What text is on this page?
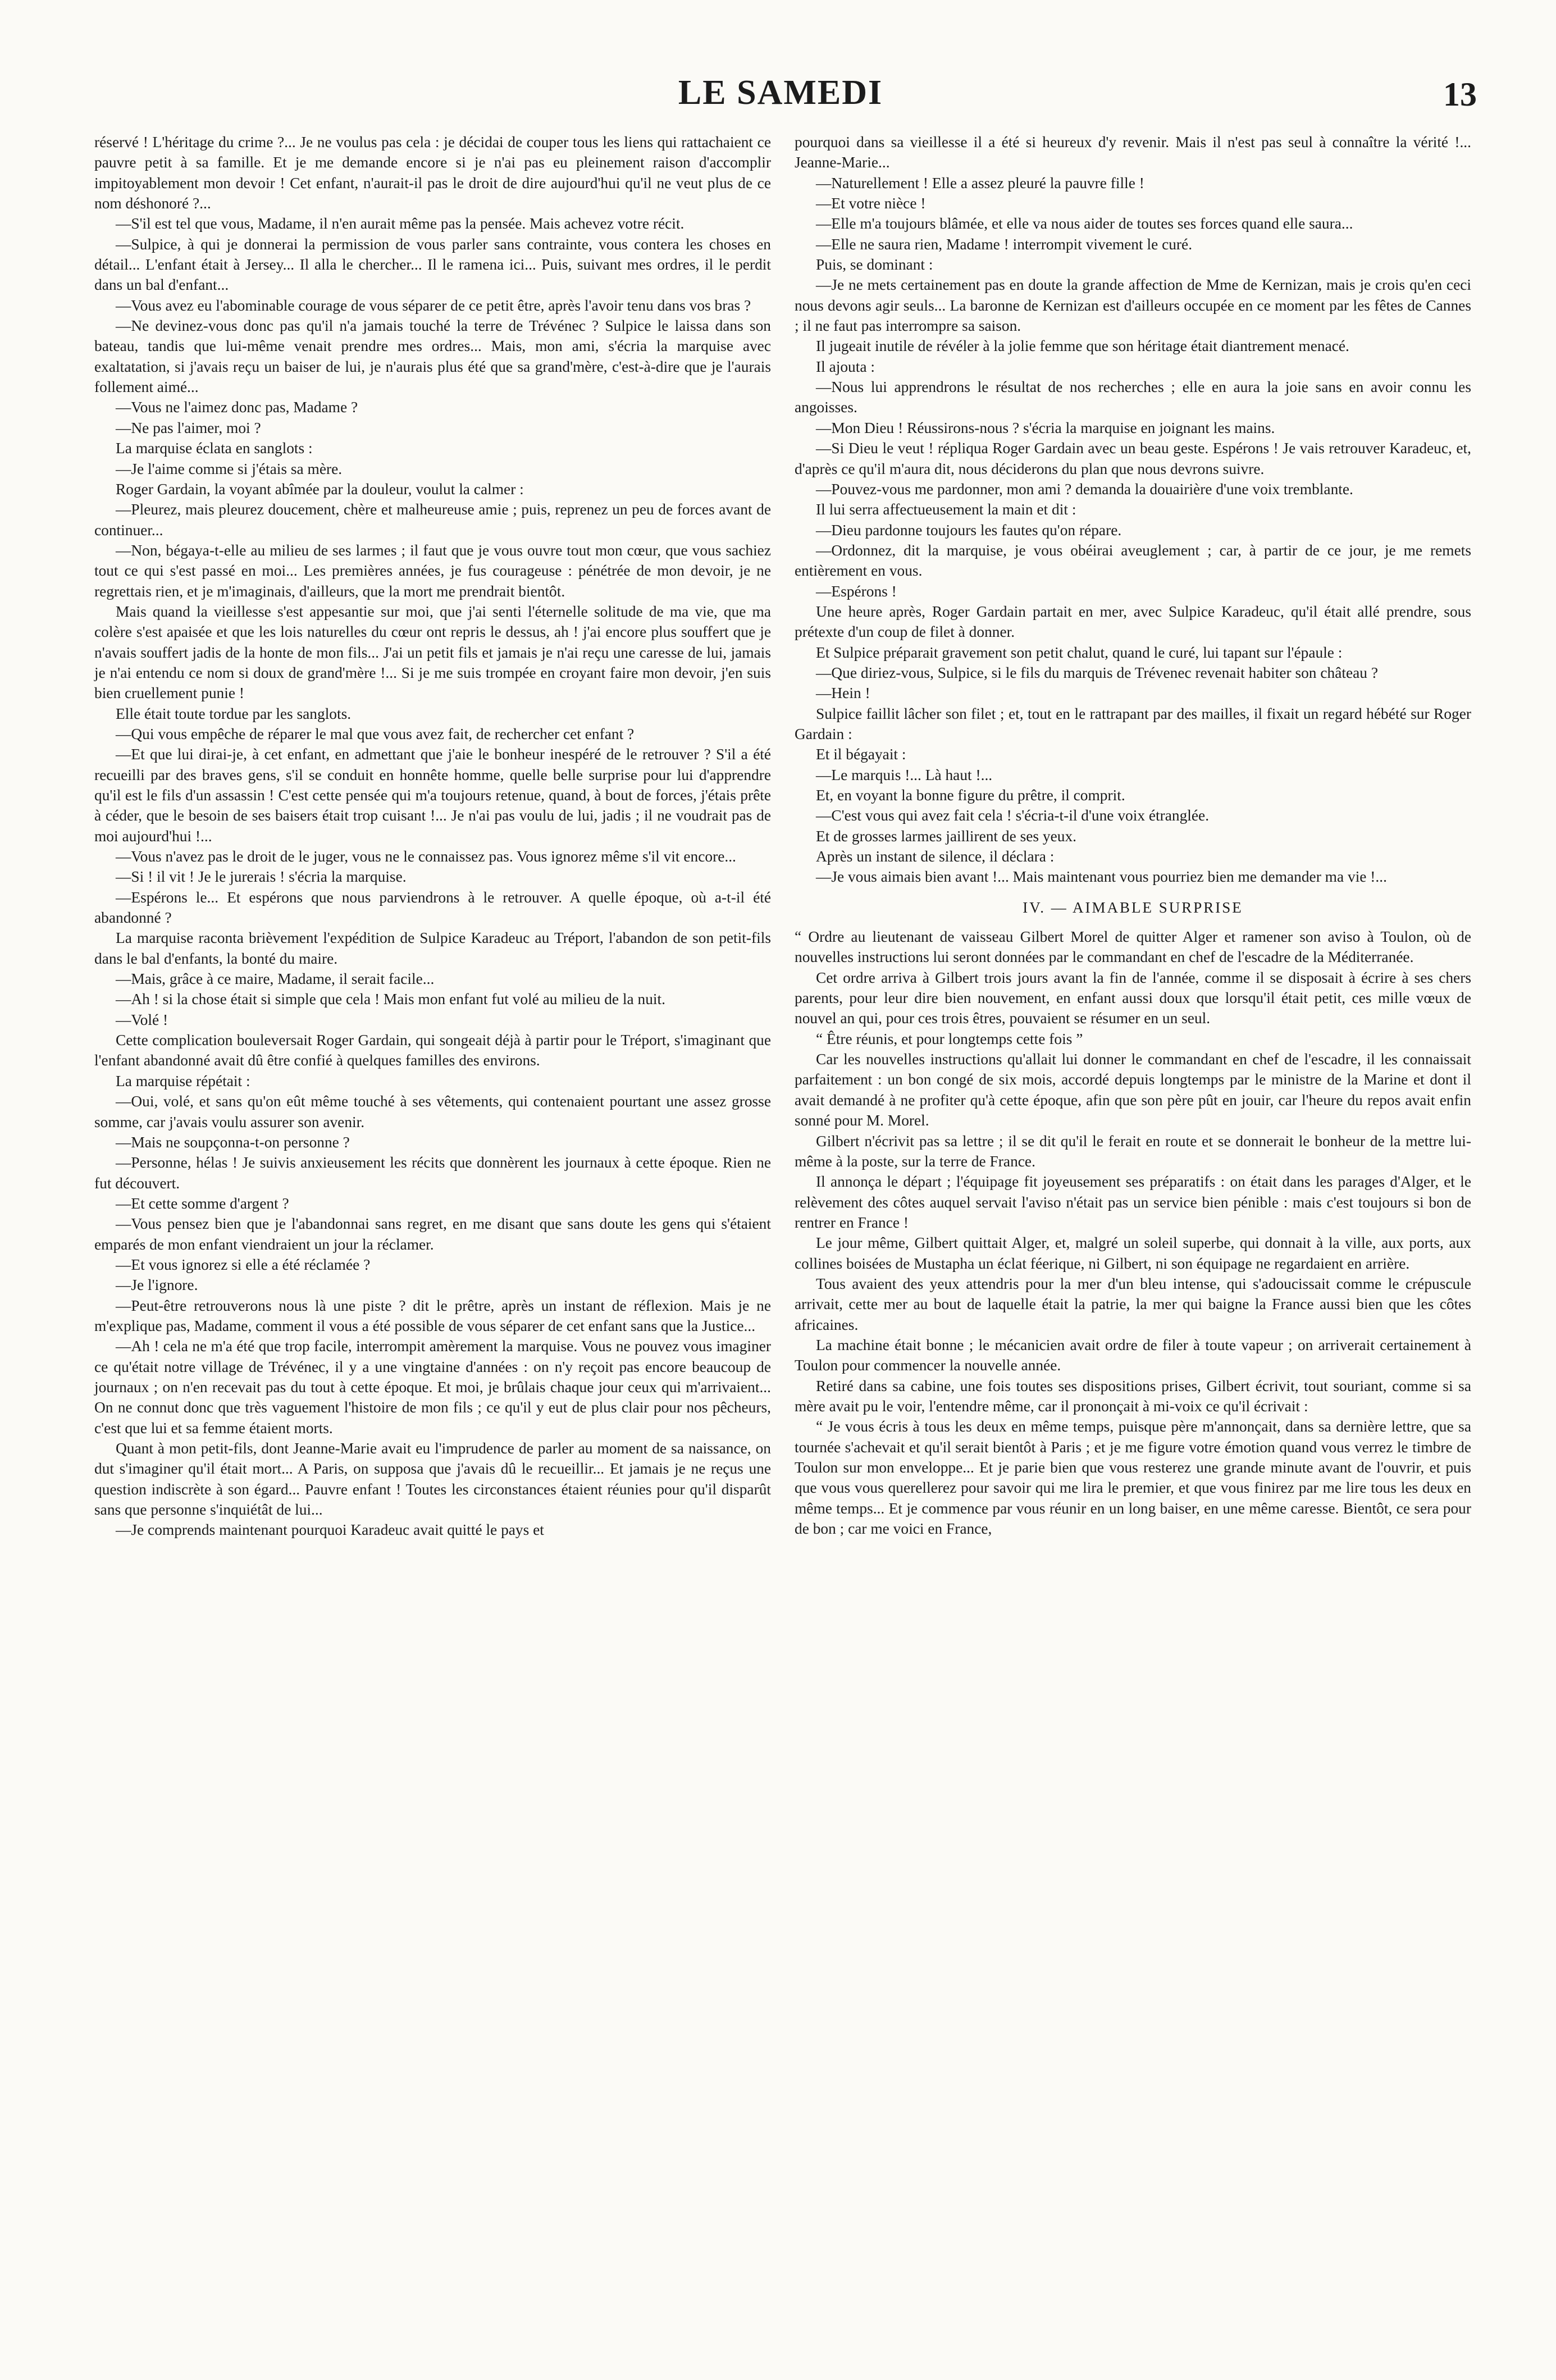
LE SAMEDI	13

réservé ! L'héritage du crime ?... Je ne voulus pas cela : je décidai de couper tous les liens qui rattachaient ce pauvre petit à sa famille. Et je me demande encore si je n'ai pas eu pleinement raison d'accomplir impitoyablement mon devoir ! Cet enfant, n'aurait-il pas le droit de dire aujourd'hui qu'il ne veut plus de ce nom déshonoré ?...

—S'il est tel que vous, Madame, il n'en aurait même pas la pensée. Mais achevez votre récit.

—Sulpice, à qui je donnerai la permission de vous parler sans contrainte, vous contera les choses en détail... L'enfant était à Jersey... Il alla le chercher... Il le ramena ici... Puis, suivant mes ordres, il le perdit dans un bal d'enfant...

—Vous avez eu l'abominable courage de vous séparer de ce petit être, après l'avoir tenu dans vos bras ?

—Ne devinez-vous donc pas qu'il n'a jamais touché la terre de Trévénec ? Sulpice le laissa dans son bateau, tandis que lui-même venait prendre mes ordres... Mais, mon ami, s'écria la marquise avec exaltatation, si j'avais reçu un baiser de lui, je n'aurais plus été que sa grand'mère, c'est-à-dire que je l'aurais follement aimé...

—Vous ne l'aimez donc pas, Madame ?

—Ne pas l'aimer, moi ?

La marquise éclata en sanglots :

—Je l'aime comme si j'étais sa mère.

Roger Gardain, la voyant abîmée par la douleur, voulut la calmer :

—Pleurez, mais pleurez doucement, chère et malheureuse amie ; puis, reprenez un peu de forces avant de continuer...

—Non, bégaya-t-elle au milieu de ses larmes ; il faut que je vous ouvre tout mon cœur, que vous sachiez tout ce qui s'est passé en moi... Les premières années, je fus courageuse : pénétrée de mon devoir, je ne regrettais rien, et je m'imaginais, d'ailleurs, que la mort me prendrait bientôt.

Mais quand la vieillesse s'est appesantie sur moi, que j'ai senti l'éternelle solitude de ma vie, que ma colère s'est apaisée et que les lois naturelles du cœur ont repris le dessus, ah ! j'ai encore plus souffert que je n'avais souffert jadis de la honte de mon fils... J'ai un petit fils et jamais je n'ai reçu une caresse de lui, jamais je n'ai entendu ce nom si doux de grand'mère !... Si je me suis trompée en croyant faire mon devoir, j'en suis bien cruellement punie !

Elle était toute tordue par les sanglots.

—Qui vous empêche de réparer le mal que vous avez fait, de rechercher cet enfant ?

—Et que lui dirai-je, à cet enfant, en admettant que j'aie le bonheur inespéré de le retrouver ? S'il a été recueilli par des braves gens, s'il se conduit en honnête homme, quelle belle surprise pour lui d'apprendre qu'il est le fils d'un assassin ! C'est cette pensée qui m'a toujours retenue, quand, à bout de forces, j'étais prête à céder, que le besoin de ses baisers était trop cuisant !... Je n'ai pas voulu de lui, jadis ; il ne voudrait pas de moi aujourd'hui !...

—Vous n'avez pas le droit de le juger, vous ne le connaissez pas. Vous ignorez même s'il vit encore...

—Si ! il vit ! Je le jurerais ! s'écria la marquise.

—Espérons le... Et espérons que nous parviendrons à le retrouver. A quelle époque, où a-t-il été abandonné ?

La marquise raconta brièvement l'expédition de Sulpice Karadeuc au Tréport, l'abandon de son petit-fils dans le bal d'enfants, la bonté du maire.

—Mais, grâce à ce maire, Madame, il serait facile...

—Ah ! si la chose était si simple que cela ! Mais mon enfant fut volé au milieu de la nuit.

—Volé !

Cette complication bouleversait Roger Gardain, qui songeait déjà à partir pour le Tréport, s'imaginant que l'enfant abandonné avait dû être confié à quelques familles des environs.

La marquise répétait :

—Oui, volé, et sans qu'on eût même touché à ses vêtements, qui contenaient pourtant une assez grosse somme, car j'avais voulu assurer son avenir.

—Mais ne soupçonna-t-on personne ?

—Personne, hélas ! Je suivis anxieusement les récits que donnèrent les journaux à cette époque. Rien ne fut découvert.

—Et cette somme d'argent ?

—Vous pensez bien que je l'abandonnai sans regret, en me disant que sans doute les gens qui s'étaient emparés de mon enfant viendraient un jour la réclamer.

—Et vous ignorez si elle a été réclamée ?

—Je l'ignore.

—Peut-être retrouverons nous là une piste ? dit le prêtre, après un instant de réflexion. Mais je ne m'explique pas, Madame, comment il vous a été possible de vous séparer de cet enfant sans que la Justice...

—Ah ! cela ne m'a été que trop facile, interrompit amèrement la marquise. Vous ne pouvez vous imaginer ce qu'était notre village de Trévénec, il y a une vingtaine d'années : on n'y reçoit pas encore beaucoup de journaux ; on n'en recevait pas du tout à cette époque. Et moi, je brûlais chaque jour ceux qui m'arrivaient... On ne connut donc que très vaguement l'histoire de mon fils ; ce qu'il y eut de plus clair pour nos pêcheurs, c'est que lui et sa femme étaient morts.

Quant à mon petit-fils, dont Jeanne-Marie avait eu l'imprudence de parler au moment de sa naissance, on dut s'imaginer qu'il était mort... A Paris, on supposa que j'avais dû le recueillir... Et jamais je ne reçus une question indiscrète à son égard... Pauvre enfant ! Toutes les circonstances étaient réunies pour qu'il disparût sans que personne s'inquiétât de lui...

—Je comprends maintenant pourquoi Karadeuc avait quitté le pays et

pourquoi dans sa vieillesse il a été si heureux d'y revenir. Mais il n'est pas seul à connaître la vérité !... Jeanne-Marie...

—Naturellement ! Elle a assez pleuré la pauvre fille !

—Et votre nièce !

—Elle m'a toujours blâmée, et elle va nous aider de toutes ses forces quand elle saura...

—Elle ne saura rien, Madame ! interrompit vivement le curé.

Puis, se dominant :

—Je ne mets certainement pas en doute la grande affection de Mme de Kernizan, mais je crois qu'en ceci nous devons agir seuls... La baronne de Kernizan est d'ailleurs occupée en ce moment par les fêtes de Cannes ; il ne faut pas interrompre sa saison.

Il jugeait inutile de révéler à la jolie femme que son héritage était diantrement menacé.

Il ajouta :

—Nous lui apprendrons le résultat de nos recherches ; elle en aura la joie sans en avoir connu les angoisses.

—Mon Dieu ! Réussirons-nous ? s'écria la marquise en joignant les mains.

—Si Dieu le veut ! répliqua Roger Gardain avec un beau geste. Espérons ! Je vais retrouver Karadeuc, et, d'après ce qu'il m'aura dit, nous déciderons du plan que nous devrons suivre.

—Pouvez-vous me pardonner, mon ami ? demanda la douairière d'une voix tremblante.

Il lui serra affectueusement la main et dit :

—Dieu pardonne toujours les fautes qu'on répare.

—Ordonnez, dit la marquise, je vous obéirai aveuglement ; car, à partir de ce jour, je me remets entièrement en vous.

—Espérons !

Une heure après, Roger Gardain partait en mer, avec Sulpice Karadeuc, qu'il était allé prendre, sous prétexte d'un coup de filet à donner.

Et Sulpice préparait gravement son petit chalut, quand le curé, lui tapant sur l'épaule :

—Que diriez-vous, Sulpice, si le fils du marquis de Trévenec revenait habiter son château ?

—Hein !

Sulpice faillit lâcher son filet ; et, tout en le rattrapant par des mailles, il fixait un regard hébété sur Roger Gardain :

Et il bégayait :

—Le marquis !... Là haut !...

Et, en voyant la bonne figure du prêtre, il comprit.

—C'est vous qui avez fait cela ! s'écria-t-il d'une voix étranglée.

Et de grosses larmes jaillirent de ses yeux.

Après un instant de silence, il déclara :

—Je vous aimais bien avant !... Mais maintenant vous pourriez bien me demander ma vie !...

IV. — AIMABLE SURPRISE

“ Ordre au lieutenant de vaisseau Gilbert Morel de quitter Alger et ramener son aviso à Toulon, où de nouvelles instructions lui seront données par le commandant en chef de l'escadre de la Méditerranée.

Cet ordre arriva à Gilbert trois jours avant la fin de l'année, comme il se disposait à écrire à ses chers parents, pour leur dire bien nouvement, en enfant aussi doux que lorsqu'il était petit, ces mille vœux de nouvel an qui, pour ces trois êtres, pouvaient se résumer en un seul.

“ Être réunis, et pour longtemps cette fois ”

Car les nouvelles instructions qu'allait lui donner le commandant en chef de l'escadre, il les connaissait parfaitement : un bon congé de six mois, accordé depuis longtemps par le ministre de la Marine et dont il avait demandé à ne profiter qu'à cette époque, afin que son père pût en jouir, car l'heure du repos avait enfin sonné pour M. Morel.

Gilbert n'écrivit pas sa lettre ; il se dit qu'il le ferait en route et se donnerait le bonheur de la mettre lui-même à la poste, sur la terre de France.

Il annonça le départ ; l'équipage fit joyeusement ses préparatifs : on était dans les parages d'Alger, et le relèvement des côtes auquel servait l'aviso n'était pas un service bien pénible : mais c'est toujours si bon de rentrer en France !

Le jour même, Gilbert quittait Alger, et, malgré un soleil superbe, qui donnait à la ville, aux ports, aux collines boisées de Mustapha un éclat féerique, ni Gilbert, ni son équipage ne regardaient en arrière.

Tous avaient des yeux attendris pour la mer d'un bleu intense, qui s'adoucissait comme le crépuscule arrivait, cette mer au bout de laquelle était la patrie, la mer qui baigne la France aussi bien que les côtes africaines.

La machine était bonne ; le mécanicien avait ordre de filer à toute vapeur ; on arriverait certainement à Toulon pour commencer la nouvelle année.

Retiré dans sa cabine, une fois toutes ses dispositions prises, Gilbert écrivit, tout souriant, comme si sa mère avait pu le voir, l'entendre même, car il prononçait à mi-voix ce qu'il écrivait :

“ Je vous écris à tous les deux en même temps, puisque père m'annonçait, dans sa dernière lettre, que sa tournée s'achevait et qu'il serait bientôt à Paris ; et je me figure votre émotion quand vous verrez le timbre de Toulon sur mon enveloppe... Et je parie bien que vous resterez une grande minute avant de l'ouvrir, et puis que vous vous querellerez pour savoir qui me lira le premier, et que vous finirez par me lire tous les deux en même temps... Et je commence par vous réunir en un long baiser, en une même caresse. Bientôt, ce sera pour de bon ; car me voici en France,
